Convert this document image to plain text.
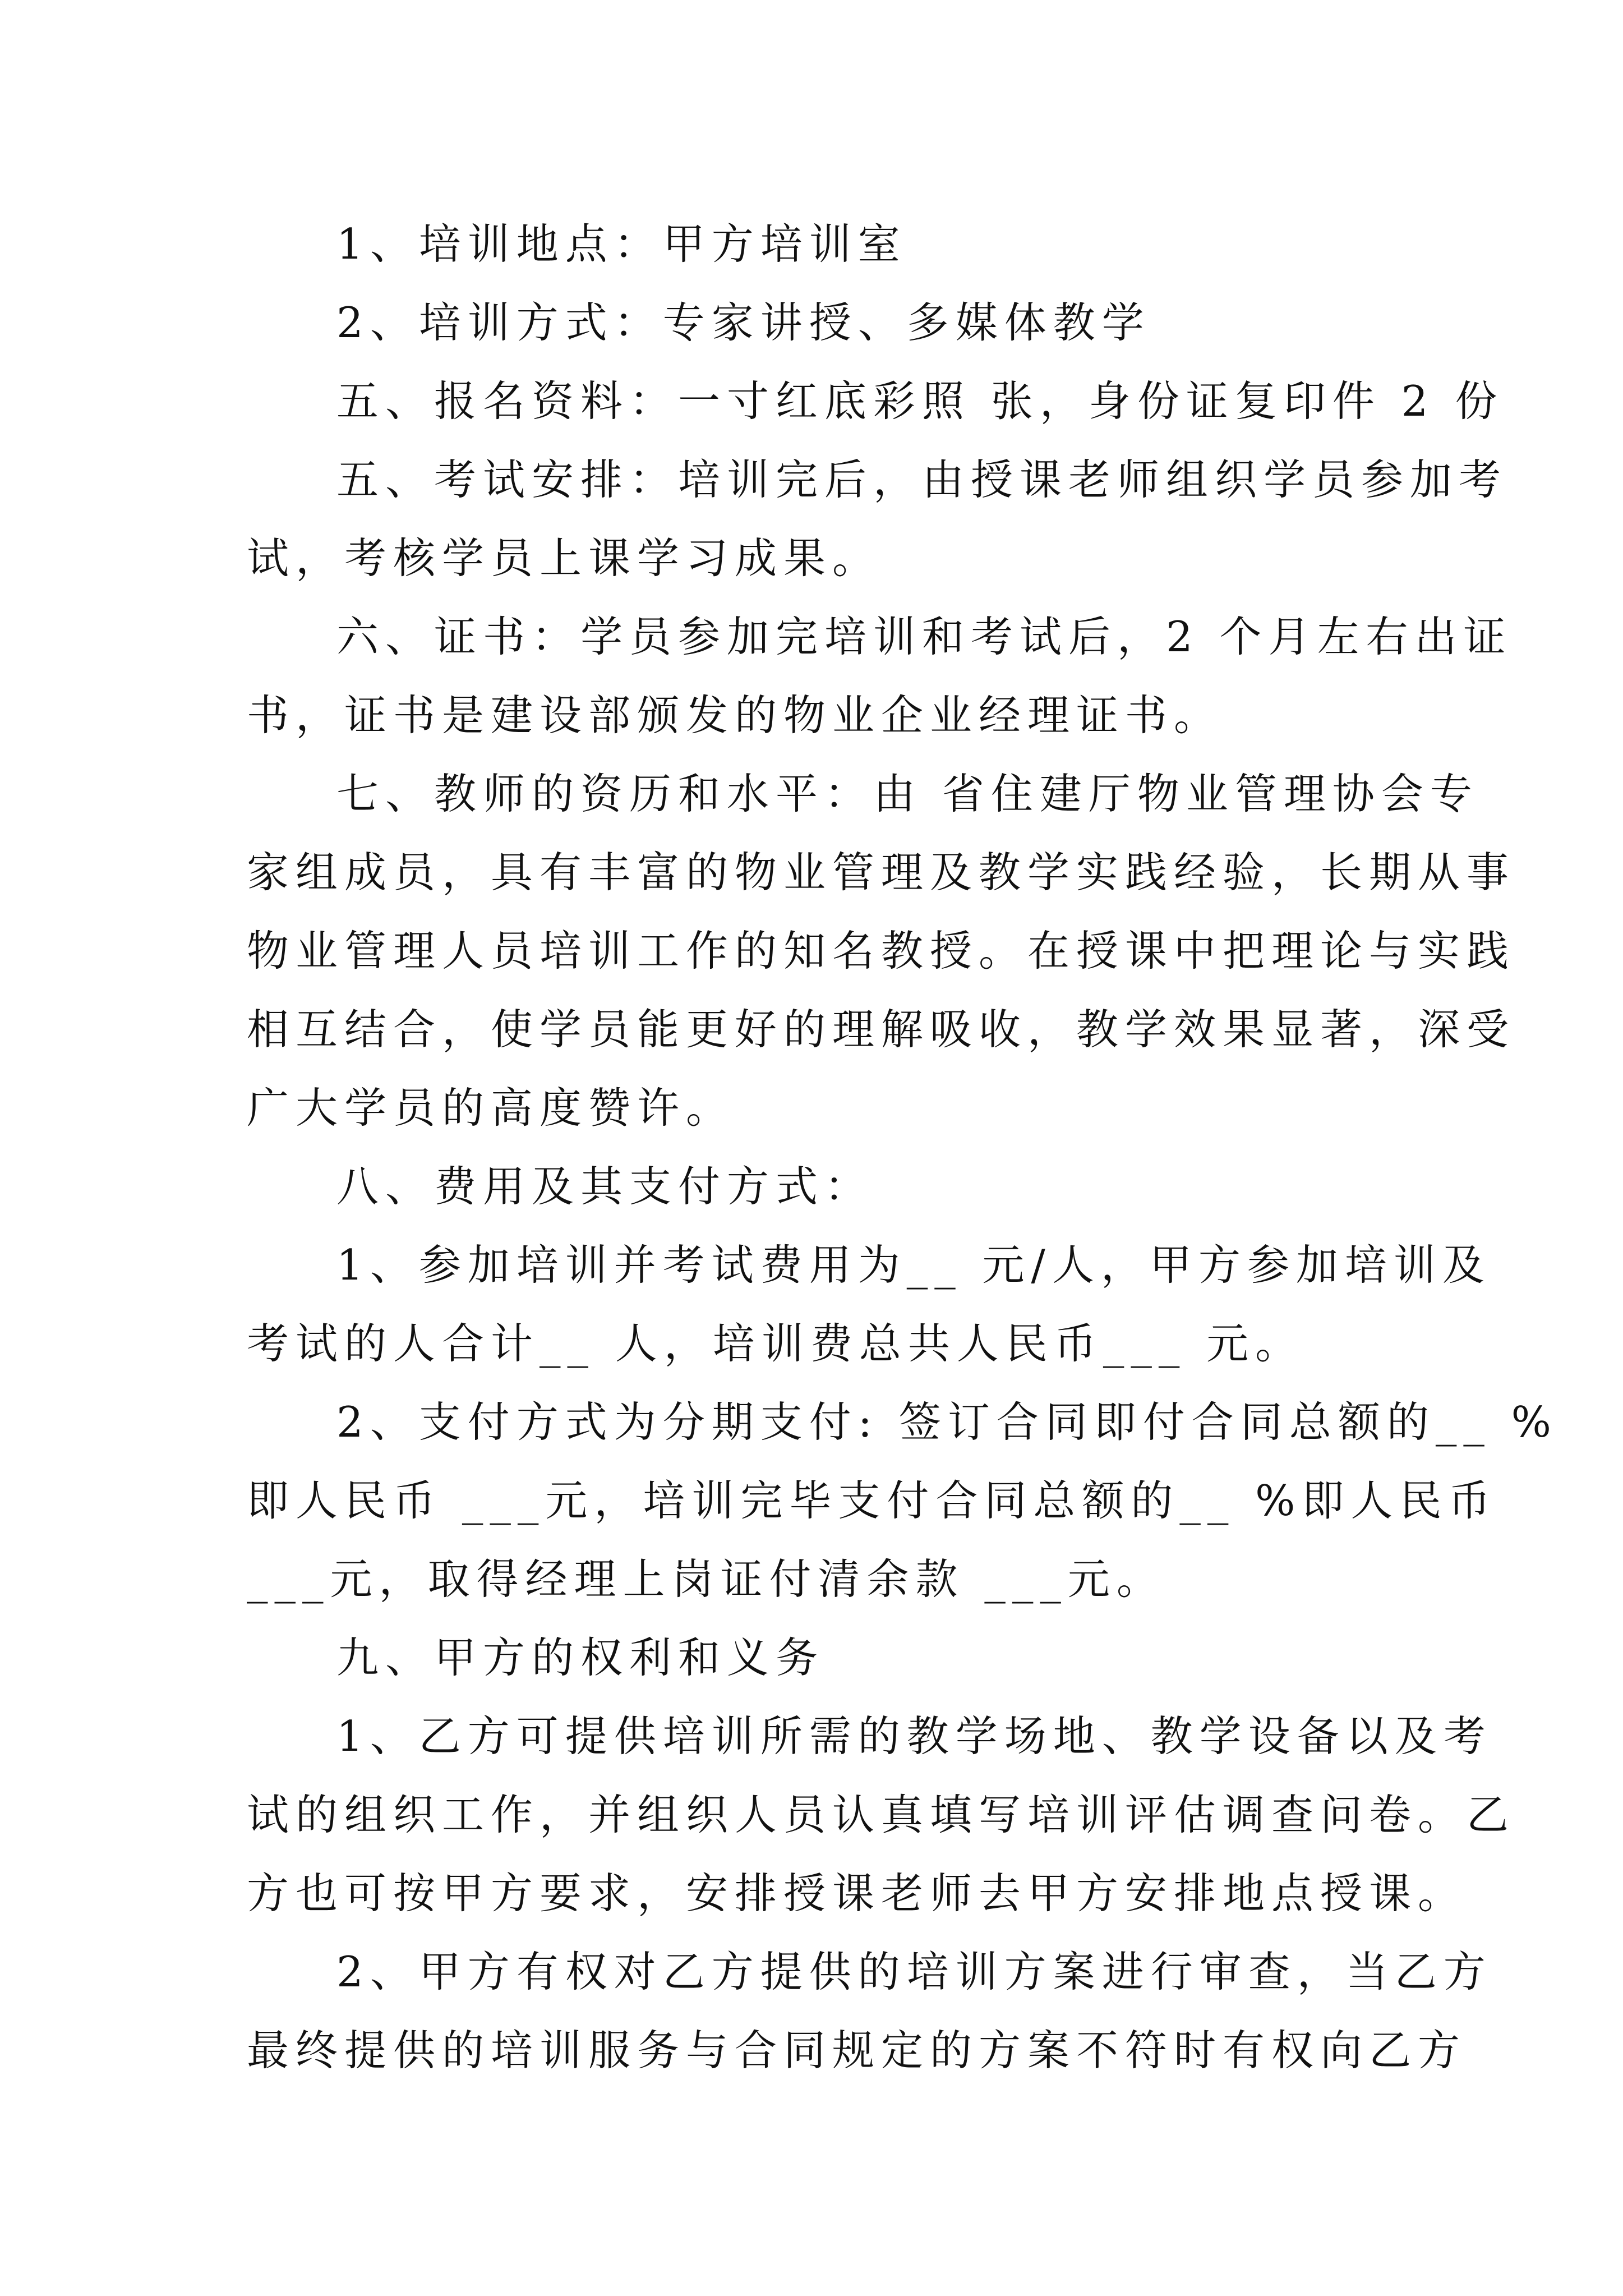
1、培训地点：甲方培训室
2、培训方式：专家讲授、多媒体教学
五、报名资料：一寸红底彩照 张，身份证复印件 2 份
五、考试安排：培训完后，由授课老师组织学员参加考
试，考核学员上课学习成果。
六、证书：学员参加完培训和考试后，2 个月左右出证
书，证书是建设部颁发的物业企业经理证书。
七、教师的资历和水平：由 省住建厅物业管理协会专
家组成员，具有丰富的物业管理及教学实践经验，长期从事
物业管理人员培训工作的知名教授。在授课中把理论与实践
相互结合，使学员能更好的理解吸收，教学效果显著，深受
广大学员的高度赞许。
八、费用及其支付方式：
1、参加培训并考试费用为__ 元/人，甲方参加培训及
考试的人合计__ 人，培训费总共人民币___ 元。
2、支付方式为分期支付: 签订合同即付合同总额的__ %
即人民币 ___元，培训完毕支付合同总额的__ %即人民币
___元，取得经理上岗证付清余款 ___元。
九、甲方的权利和义务
1、乙方可提供培训所需的教学场地、教学设备以及考
试的组织工作，并组织人员认真填写培训评估调查问卷。乙
方也可按甲方要求，安排授课老师去甲方安排地点授课。
2、甲方有权对乙方提供的培训方案进行审查，当乙方
最终提供的培训服务与合同规定的方案不符时有权向乙方
